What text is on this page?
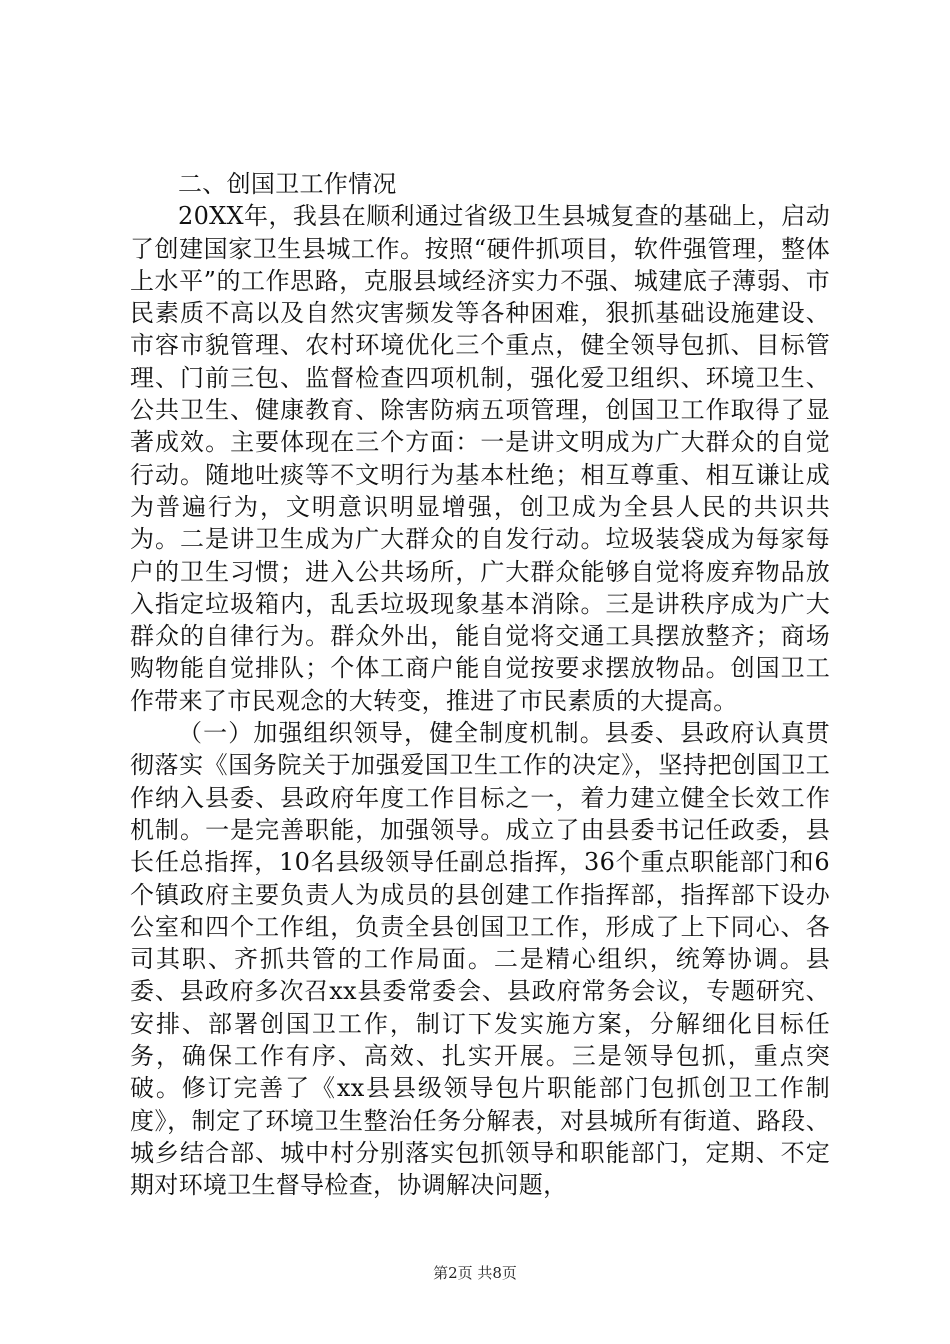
二、创国卫工作情况

20XX年，我县在顺利通过省级卫生县城复查的基础上，启动了创建国家卫生县城工作。按照“硬件抓项目，软件强管理，整体上水平”的工作思路，克服县域经济实力不强、城建底子薄弱、市民素质不高以及自然灾害频发等各种困难，狠抓基础设施建设、市容市貌管理、农村环境优化三个重点，健全领导包抓、目标管理、门前三包、监督检查四项机制，强化爱卫组织、环境卫生、公共卫生、健康教育、除害防病五项管理，创国卫工作取得了显著成效。主要体现在三个方面：一是讲文明成为广大群众的自觉行动。随地吐痰等不文明行为基本杜绝；相互尊重、相互谦让成为普遍行为，文明意识明显增强，创卫成为全县人民的共识共为。二是讲卫生成为广大群众的自发行动。垃圾装袋成为每家每户的卫生习惯；进入公共场所，广大群众能够自觉将废弃物品放入指定垃圾箱内，乱丢垃圾现象基本消除。三是讲秩序成为广大群众的自律行为。群众外出，能自觉将交通工具摆放整齐；商场购物能自觉排队；个体工商户能自觉按要求摆放物品。创国卫工作带来了市民观念的大转变，推进了市民素质的大提高。

（一）加强组织领导，健全制度机制。县委、县政府认真贯彻落实《国务院关于加强爱国卫生工作的决定》，坚持把创国卫工作纳入县委、县政府年度工作目标之一，着力建立健全长效工作机制。一是完善职能，加强领导。成立了由县委书记任政委，县长任总指挥，10名县级领导任副总指挥，36个重点职能部门和6个镇政府主要负责人为成员的县创建工作指挥部，指挥部下设办公室和四个工作组，负责全县创国卫工作，形成了上下同心、各司其职、齐抓共管的工作局面。二是精心组织，统筹协调。县委、县政府多次召xx县委常委会、县政府常务会议，专题研究、安排、部署创国卫工作，制订下发实施方案，分解细化目标任务，确保工作有序、高效、扎实开展。三是领导包抓，重点突破。修订完善了《xx县县级领导包片职能部门包抓创卫工作制度》，制定了环境卫生整治任务分解表，对县城所有街道、路段、城乡结合部、城中村分别落实包抓领导和职能部门，定期、不定期对环境卫生督导检查，协调解决问题，

第2页 共8页
